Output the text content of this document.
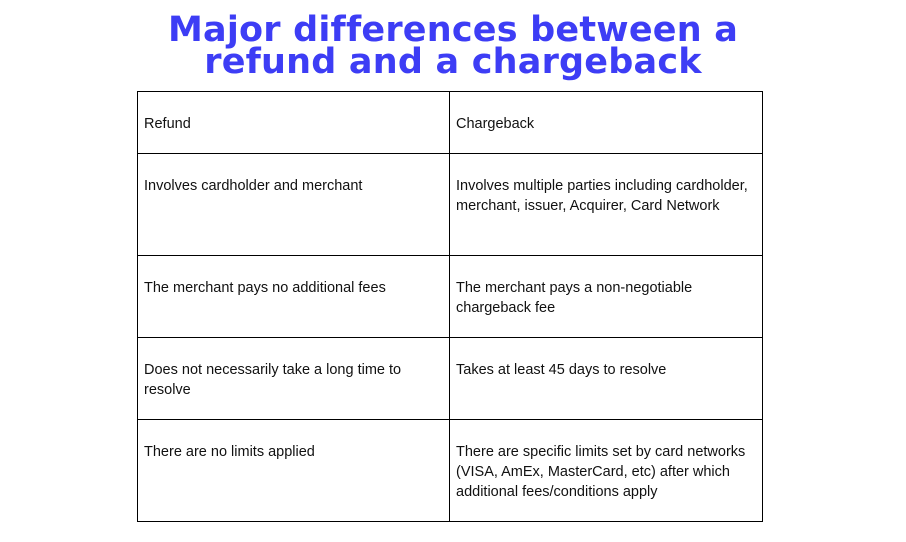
Major differences between a
refund and a chargeback
Refund	Chargeback
Involves cardholder and merchant	Involves multiple parties including cardholder, merchant, issuer, Acquirer, Card Network
The merchant pays no additional fees	The merchant pays a non-negotiable chargeback fee
Does not necessarily take a long time to resolve	Takes at least 45 days to resolve
There are no limits applied	There are specific limits set by card networks (VISA, AmEx, MasterCard, etc) after which additional fees/conditions apply
